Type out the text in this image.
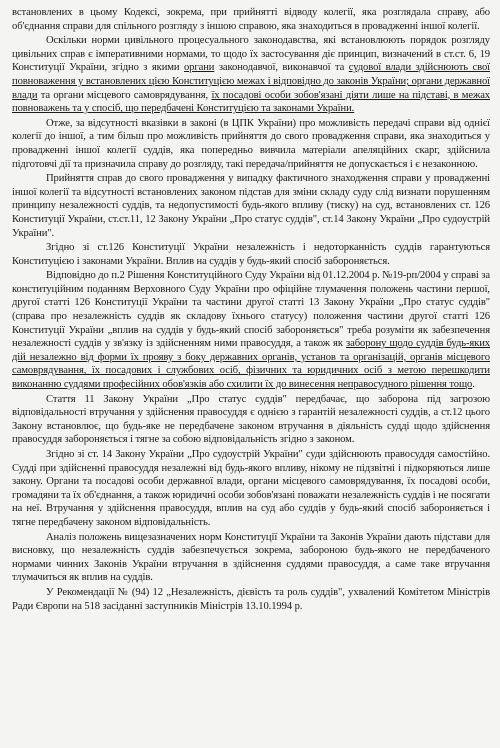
встановлених в цьому Кодексі, зокрема, при прийнятті відводу колегії, яка розглядала справу, або об'єднання справи для спільного розгляду з іншою справою, яка знаходиться в провадженні іншої колегії.

Оскільки норми цивільного процесуального законодавства, які встановлюють порядок розгляду цивільних справ є імперативними нормами, то щодо їх застосування діє принцип, визначений в ст.ст. 6, 19 Конституції України, згідно з якими органи законодавчої, виконавчої та судової влади здійснюють свої повноваження у встановлених цією Конституцією межах і відповідно до законів України; органи державної влади та органи місцевого самоврядування, їх посадові особи зобов'язані діяти лише на підставі, в межах повноважень та у спосіб, що передбачені Конституцією та законами України.

Отже, за відсутності вказівки в законі (в ЦПК України) про можливість передачі справи від однієї колегії до іншої, а тим більш про можливість прийняття до свого провадження справи, яка знаходиться у провадженні іншої колегії суддів, яка попередньо вивчила матеріали апеляційних скарг, здійснила підготовчі дії та призначила справу до розгляду, такі передача/прийняття не допускається і є незаконною.

Прийняття справ до свого провадження у випадку фактичного знаходження справи у провадженні іншої колегії та відсутності встановлених законом підстав для зміни складу суду слід визнати порушенням принципу незалежності суддів, та недопустимості будь-якого впливу (тиску) на суд, встановлених ст. 126 Конституції України, ст.ст.11, 12 Закону України „Про статус суддів", ст.14 Закону України „Про судоустрій України".

Згідно зі ст.126 Конституції України незалежність і недоторканність суддів гарантуються Конституцією і законами України. Вплив на суддів у будь-який спосіб забороняється.

Відповідно до п.2 Рішення Конституційного Суду України від 01.12.2004 р. №19-рп/2004 у справі за конституційним поданням Верховного Суду України про офіційне тлумачення положень частини першої, другої статті 126 Конституції України та частини другої статті 13 Закону України „Про статус суддів" (справа про незалежність суддів як складову їхнього статусу) положення частини другої статті 126 Конституції України „вплив на суддів у будь-який спосіб забороняється" треба розуміти як забезпечення незалежності суддів у зв'язку із здійсненням ними правосуддя, а також як заборону щодо суддів будь-яких дій незалежно від форми їх прояву з боку державних органів, установ та організацій, органів місцевого самоврядування, їх посадових і службових осіб, фізичних та юридичних осіб з метою перешкодити виконанню суддями професійних обов'язків або схилити їх до винесення неправосудного рішення тощо.

Стаття 11 Закону України „Про статус суддів" передбачає, що заборона під загрозою відповідальності втручання у здійснення правосуддя є однією з гарантій незалежності суддів, а ст.12 цього Закону встановлює, що будь-яке не передбачене законом втручання в діяльність судді щодо здійснення правосуддя забороняється і тягне за собою відповідальність згідно з законом.

Згідно зі ст. 14 Закону України „Про судоустрій України" суди здійснюють правосуддя самостійно. Судді при здійсненні правосуддя незалежні від будь-якого впливу, нікому не підзвітні і підкоряються лише закону. Органи та посадові особи державної влади, органи місцевого самоврядування, їх посадові особи, громадяни та їх об'єднання, а також юридичні особи зобов'язані поважати незалежність суддів і не посягати на неї. Втручання у здійснення правосуддя, вплив на суд або суддів у будь-який спосіб забороняється і тягне передбачену законом відповідальність.

Аналіз положень вищезазначених норм Конституції України та Законів України дають підстави для висновку, що незалежність суддів забезпечується зокрема, забороною будь-якого не передбаченого нормами чинних Законів України втручання в здійснення суддями правосуддя, а саме таке втручання тлумачиться як вплив на суддів.

У Рекомендації № (94) 12 „Незалежність, дієвість та роль суддів", ухвалений Комітетом Міністрів Ради Європи на 518 засіданні заступників Міністрів 13.10.1994 р.
